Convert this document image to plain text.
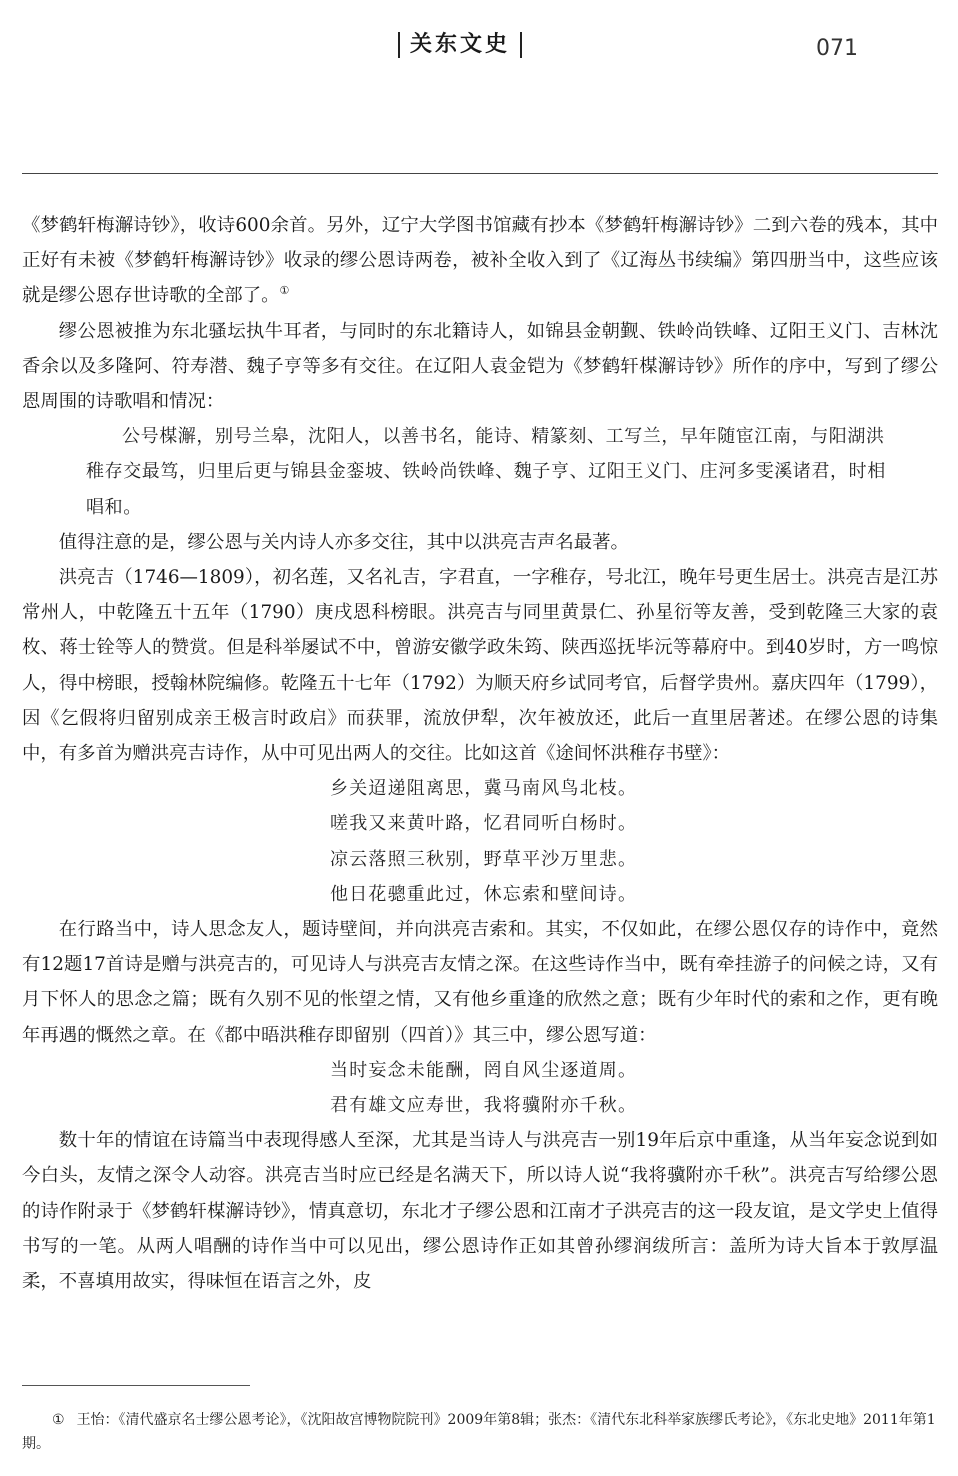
关东文史	071

《梦鹤轩梅澥诗钞》，收诗600余首。另外，辽宁大学图书馆藏有抄本《梦鹤轩梅澥诗钞》二到六卷的残本，其中正好有未被《梦鹤轩梅澥诗钞》收录的缪公恩诗两卷，被补全收入到了《辽海丛书续编》第四册当中，这些应该就是缪公恩存世诗歌的全部了。①

缪公恩被推为东北骚坛执牛耳者，与同时的东北籍诗人，如锦县金朝觐、铁岭尚铁峰、辽阳王义门、吉林沈香余以及多隆阿、符寿潜、魏子亨等多有交往。在辽阳人袁金铠为《梦鹤轩楳澥诗钞》所作的序中，写到了缪公恩周围的诗歌唱和情况：

公号楳澥，别号兰皋，沈阳人，以善书名，能诗、精篆刻、工写兰，早年随宦江南，与阳湖洪稚存交最笃，归里后更与锦县金銮坡、铁岭尚铁峰、魏子亨、辽阳王义门、庄河多雯溪诸君，时相唱和。

值得注意的是，缪公恩与关内诗人亦多交往，其中以洪亮吉声名最著。

洪亮吉（1746—1809），初名莲，又名礼吉，字君直，一字稚存，号北江，晚年号更生居士。洪亮吉是江苏常州人，中乾隆五十五年（1790）庚戌恩科榜眼。洪亮吉与同里黄景仁、孙星衍等友善，受到乾隆三大家的袁枚、蒋士铨等人的赞赏。但是科举屡试不中，曾游安徽学政朱筠、陕西巡抚毕沅等幕府中。到40岁时，方一鸣惊人，得中榜眼，授翰林院编修。乾隆五十七年（1792）为顺天府乡试同考官，后督学贵州。嘉庆四年（1799），因《乞假将归留别成亲王极言时政启》而获罪，流放伊犁，次年被放还，此后一直里居著述。在缪公恩的诗集中，有多首为赠洪亮吉诗作，从中可见出两人的交往。比如这首《途间怀洪稚存书壁》：

乡关迢递阻离思，冀马南风鸟北枝。

嗟我又来黄叶路，忆君同听白杨时。

凉云落照三秋别，野草平沙万里悲。

他日花骢重此过，休忘索和壁间诗。

在行路当中，诗人思念友人，题诗壁间，并向洪亮吉索和。其实，不仅如此，在缪公恩仅存的诗作中，竟然有12题17首诗是赠与洪亮吉的，可见诗人与洪亮吉友情之深。在这些诗作当中，既有牵挂游子的问候之诗，又有月下怀人的思念之篇；既有久别不见的怅望之情，又有他乡重逢的欣然之意；既有少年时代的索和之作，更有晚年再遇的慨然之章。在《都中晤洪稚存即留别（四首）》其三中，缪公恩写道：

当时妄念未能酬，罔自风尘逐道周。

君有雄文应寿世，我将骥附亦千秋。

数十年的情谊在诗篇当中表现得感人至深，尤其是当诗人与洪亮吉一别19年后京中重逢，从当年妄念说到如今白头，友情之深令人动容。洪亮吉当时应已经是名满天下，所以诗人说“我将骥附亦千秋”。洪亮吉写给缪公恩的诗作附录于《梦鹤轩楳澥诗钞》，情真意切，东北才子缪公恩和江南才子洪亮吉的这一段友谊，是文学史上值得书写的一笔。从两人唱酬的诗作当中可以见出，缪公恩诗作正如其曾孙缪润绂所言：盖所为诗大旨本于敦厚温柔，不喜填用故实，得味恒在语言之外，皮

① 王怡：《清代盛京名士缪公恩考论》，《沈阳故宫博物院院刊》2009年第8辑；张杰：《清代东北科举家族缪氏考论》，《东北史地》2011年第1期。
